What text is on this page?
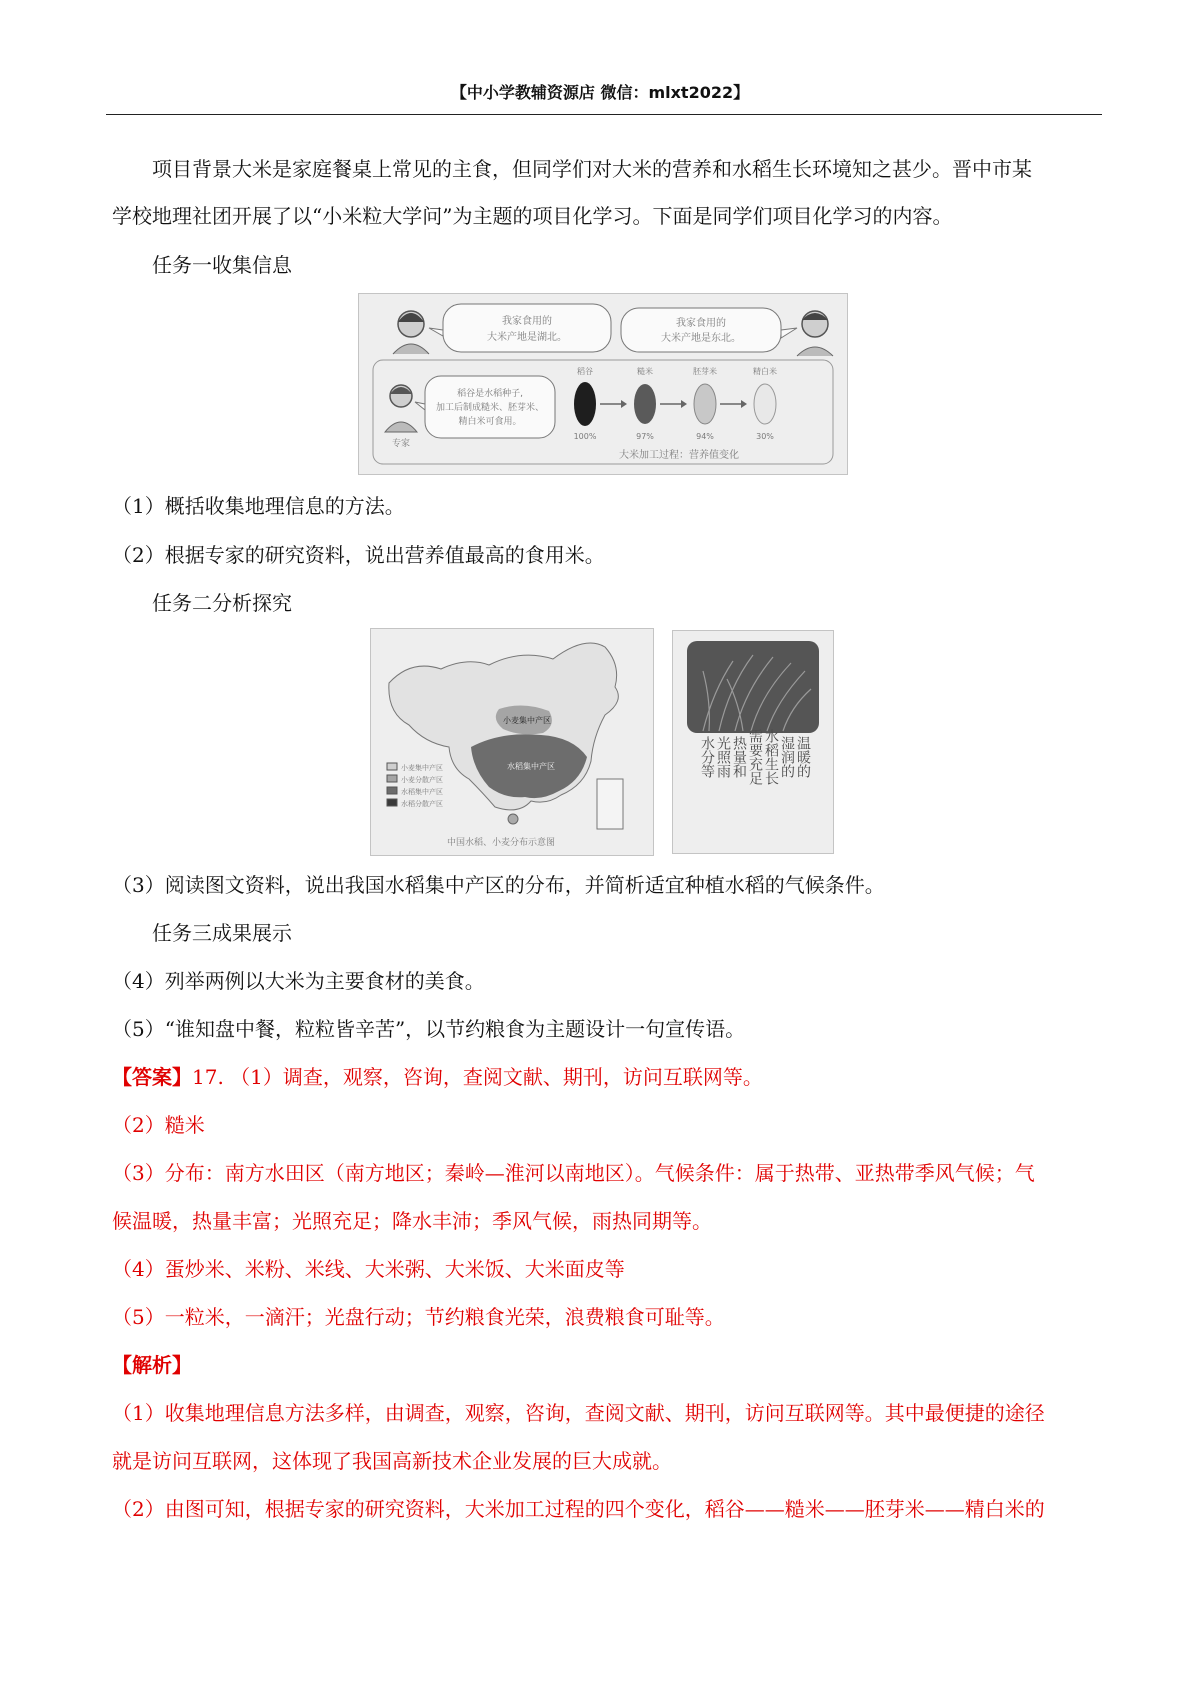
【中小学教辅资源店 微信：mlxt2022】
项目背景大米是家庭餐桌上常见的主食，但同学们对大米的营养和水稻生长环境知之甚少。晋中市某
学校地理社团开展了以“小米粒大学问”为主题的项目化学习。下面是同学们项目化学习的内容。
任务一收集信息
我家食用的
大米产地是湖北。
我家食用的
大米产地是东北。
专家
稻谷是水稻种子,
加工后制成糙米、胚芽米、
精白米可食用。
稻谷	糙米	胚芽米	精白米
100%	97%	94%	30%
大米加工过程：营养值变化
（1）概括收集地理信息的方法。
（2）根据专家的研究资料，说出营养值最高的食用米。
任务二分析探究
小麦集中产区
水稻集中产区
小麦集中产区
小麦分散产区
水稻集中产区
水稻分散产区
中国水稻、小麦分布示意图
温暖的
湿润的
水稻生长
需要充足
热量和
光照雨
水分等
（3）阅读图文资料，说出我国水稻集中产区的分布，并简析适宜种植水稻的气候条件。
任务三成果展示
（4）列举两例以大米为主要食材的美食。
（5）“谁知盘中餐，粒粒皆辛苦”，以节约粮食为主题设计一句宣传语。
【答案】17. （1）调查，观察，咨询，查阅文献、期刊，访问互联网等。
（2）糙米
（3）分布：南方水田区（南方地区；秦岭—淮河以南地区）。气候条件：属于热带、亚热带季风气候；气
候温暖，热量丰富；光照充足；降水丰沛；季风气候，雨热同期等。
（4）蛋炒米、米粉、米线、大米粥、大米饭、大米面皮等
（5）一粒米，一滴汗；光盘行动；节约粮食光荣，浪费粮食可耻等。
【解析】
（1）收集地理信息方法多样，由调查，观察，咨询，查阅文献、期刊，访问互联网等。其中最便捷的途径
就是访问互联网，这体现了我国高新技术企业发展的巨大成就。
（2）由图可知，根据专家的研究资料，大米加工过程的四个变化，稻谷——糙米——胚芽米——精白米的
